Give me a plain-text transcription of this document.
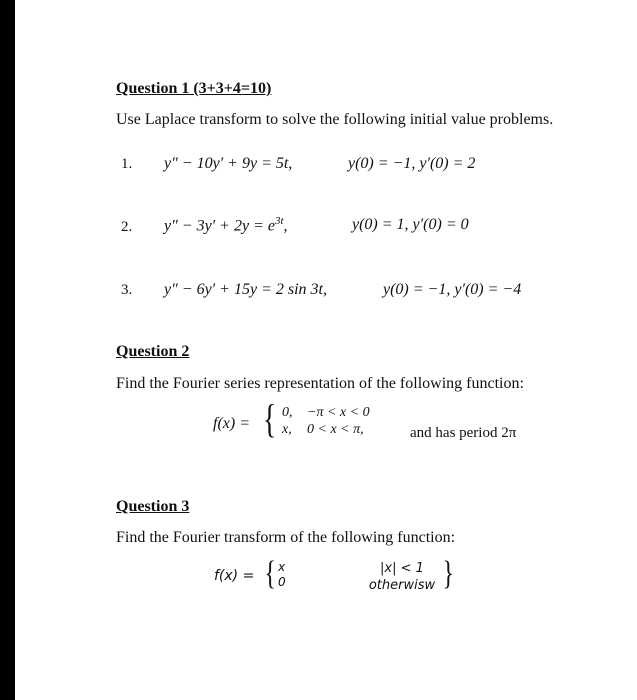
Question 1 (3+3+4=10)
Use Laplace transform to solve the following initial value problems.
1. y″ − 10y′ + 9y = 5t,	y(0) = −1, y′(0) = 2
2. $y'' - 3y' + 2y = e^{3t}$,	y(0) = 1, y′(0) = 0
3. y″ − 6y′ + 15y = 2 sin 3t,	y(0) = −1, y′(0) = −4
Question 2
Find the Fourier series representation of the following function:
f(x) = { 0, −π < x < 0
x, 0 < x < π,	and has period 2π
Question 3
Find the Fourier transform of the following function:
f(x) = { x
0
|x| < 1
otherwisw }
